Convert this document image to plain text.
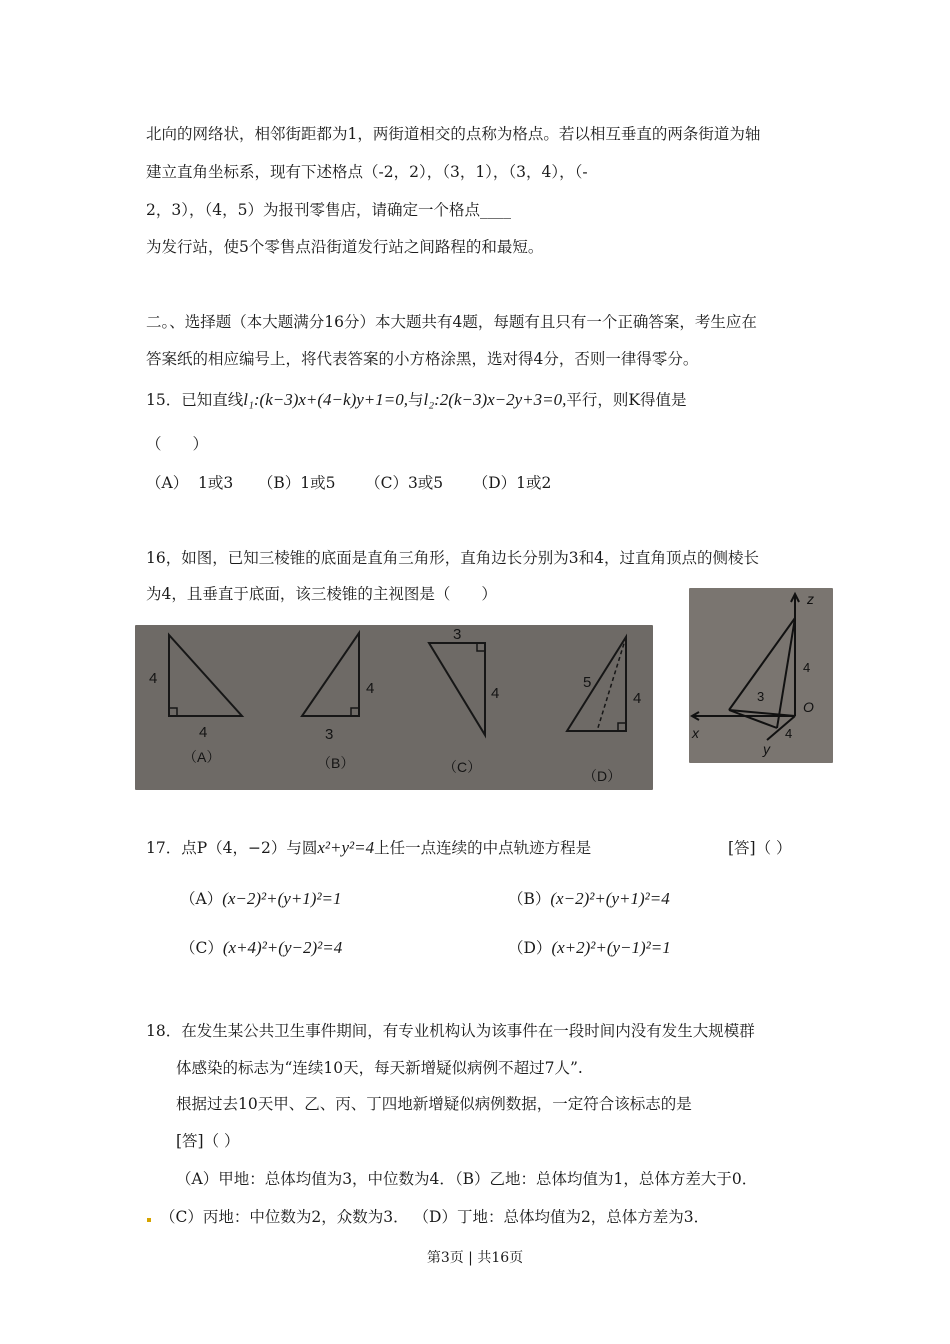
北向的网络状，相邻街距都为1，两街道相交的点称为格点。若以相互垂直的两条街道为轴
建立直角坐标系，现有下述格点（-2，2），（3，1），（3，4），（-
2，3），（4，5）为报刊零售店，请确定一个格点____
为发行站，使5个零售点沿街道发行站之间路程的和最短。
二。、选择题（本大题满分16分）本大题共有4题，每题有且只有一个正确答案，考生应在
答案纸的相应编号上，将代表答案的小方格涂黑，选对得4分，否则一律得零分。
15．已知直线l₁:(k−3)x+(4−k)y+1=0,与l₂:2(k−3)x−2y+3=0,平行，则K得值是
（　　）
（A）  1或3     （B）1或5      （C）3或5      （D）1或2
16，如图，已知三棱锥的底面是直角三角形，直角边长分别为3和4，过直角顶点的侧棱长
为4，且垂直于底面，该三棱锥的主视图是（　　）
4
4
（A）
4
3
（B）
3
4
（C）
5
4
（D）
z
x
y
O
4
3
4
17．点P（4，−2）与圆x²+y²=4上任一点连续的中点轨迹方程是	[答]（ ）
（A）(x−2)²+(y+1)²=1	（B）(x−2)²+(y+1)²=4
（C）(x+4)²+(y−2)²=4	（D）(x+2)²+(y−1)²=1
18．在发生某公共卫生事件期间，有专业机构认为该事件在一段时间内没有发生大规模群
体感染的标志为“连续10天，每天新增疑似病例不超过7人”.
根据过去10天甲、乙、丙、丁四地新增疑似病例数据，一定符合该标志的是
[答]（ ）
（A）甲地：总体均值为3，中位数为4．（B）乙地：总体均值为1，总体方差大于0．
（C）丙地：中位数为2，众数为3． （D）丁地：总体均值为2，总体方差为3．
第3页 | 共16页
